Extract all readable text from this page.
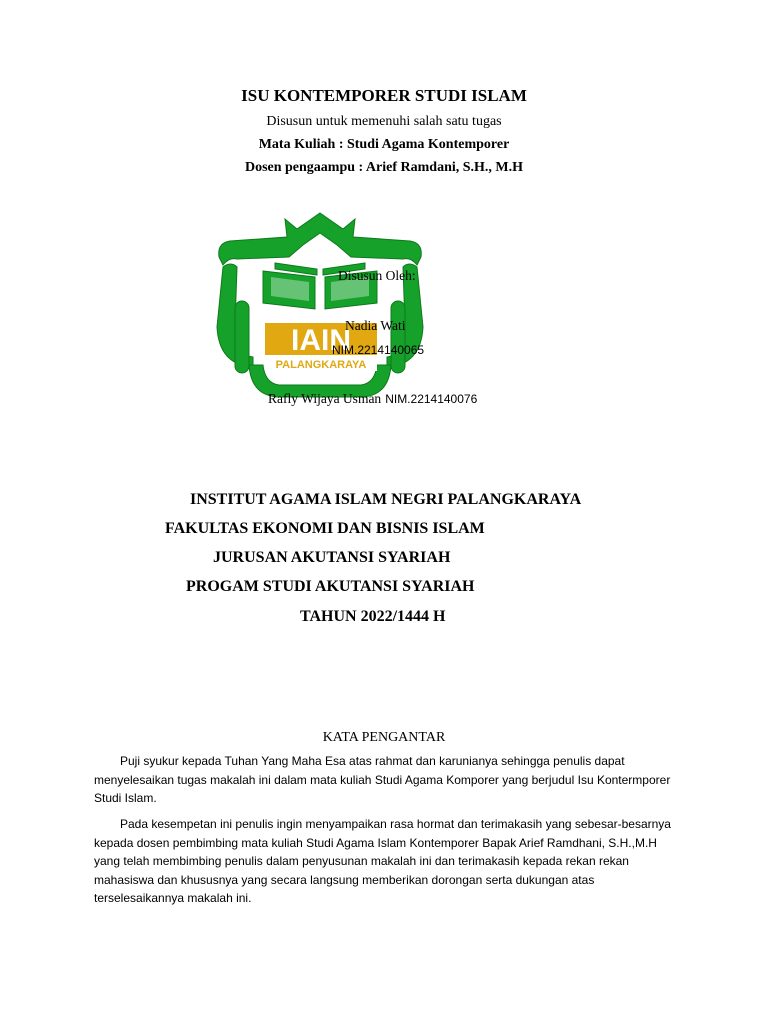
ISU KONTEMPORER STUDI ISLAM
Disusun untuk memenuhi salah satu tugas
Mata Kuliah : Studi Agama Kontemporer
Dosen pengaampu : Arief Ramdani, S.H., M.H
IAIN
PALANGKARAYA
Disusun Oleh:
Nadia Wati
NIM.2214140065
Rafly Wijaya Usman NIM.2214140076
INSTITUT AGAMA ISLAM NEGRI PALANGKARAYA
FAKULTAS EKONOMI DAN BISNIS ISLAM
JURUSAN AKUTANSI SYARIAH
PROGAM STUDI AKUTANSI SYARIAH
TAHUN 2022/1444 H
KATA PENGANTAR

Puji syukur kepada Tuhan Yang Maha Esa atas rahmat dan karunianya sehingga penulis dapat menyelesaikan tugas makalah ini dalam mata kuliah Studi Agama Komporer yang berjudul Isu Kontermporer Studi Islam.

Pada kesempetan ini penulis ingin menyampaikan rasa hormat dan terimakasih yang sebesar-besarnya kepada dosen pembimbing mata kuliah Studi Agama Islam Kontemporer Bapak Arief Ramdhani, S.H.,M.H yang telah membimbing penulis dalam penyusunan makalah ini dan terimakasih kepada rekan rekan mahasiswa dan khususnya yang secara langsung memberikan dorongan serta dukungan atas terselesaikannya makalah ini.
